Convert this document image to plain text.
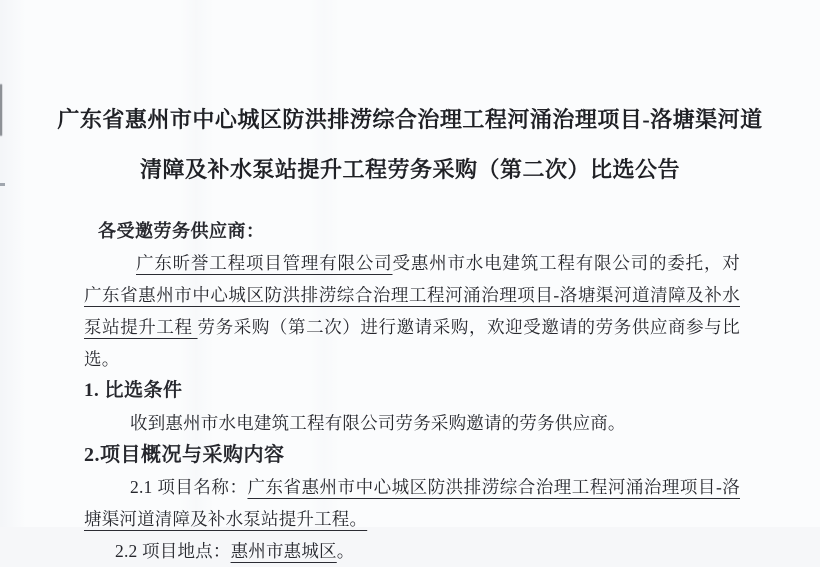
广东省惠州市中心城区防洪排涝综合治理工程河涌治理项目-洛塘渠河道
清障及补水泵站提升工程劳务采购（第二次）比选公告
各受邀劳务供应商：

广东昕誉工程项目管理有限公司受惠州市水电建筑工程有限公司的委托，对 广东省惠州市中心城区防洪排涝综合治理工程河涌治理项目-洛塘渠河道清障及补水泵站提升工程 劳务采购（第二次）进行邀请采购，欢迎受邀请的劳务供应商参与比选。

1. 比选条件

收到惠州市水电建筑工程有限公司劳务采购邀请的劳务供应商。

2.项目概况与采购内容

2.1 项目名称：广东省惠州市中心城区防洪排涝综合治理工程河涌治理项目-洛塘渠河道清障及补水泵站提升工程。

2.2 项目地点：惠州市惠城区。
